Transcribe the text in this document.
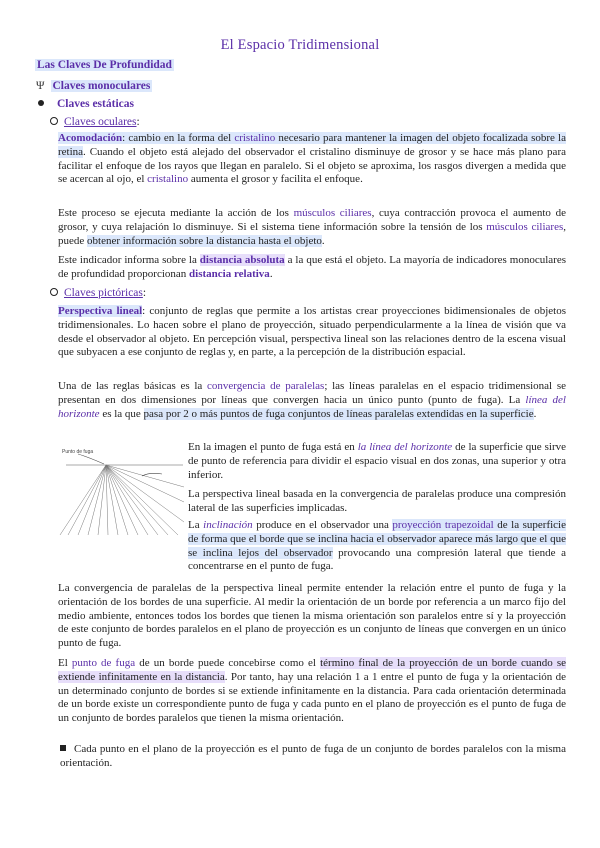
El Espacio Tridimensional
Las Claves De Profundidad
Ψ Claves monoculares
Claves estáticas
Claves oculares:
Acomodación: cambio en la forma del cristalino necesario para mantener la imagen del objeto focalizada sobre la retina. Cuando el objeto está alejado del observador el cristalino disminuye de grosor y se hace más plano para facilitar el enfoque de los rayos que llegan en paralelo. Si el objeto se aproxima, los rasgos divergen a medida que se acercan al ojo, el cristalino aumenta el grosor y facilita el enfoque.
Este proceso se ejecuta mediante la acción de los músculos ciliares, cuya contracción provoca el aumento de grosor, y cuya relajación lo disminuye. Si el sistema tiene información sobre la tensión de los músculos ciliares, puede obtener información sobre la distancia hasta el objeto.
Este indicador informa sobre la distancia absoluta a la que está el objeto. La mayoría de indicadores monoculares de profundidad proporcionan distancia relativa.
Claves pictóricas:
Perspectiva lineal: conjunto de reglas que permite a los artistas crear proyecciones bidimensionales de objetos tridimensionales. Lo hacen sobre el plano de proyección, situado perpendicularmente a la línea de visión que va desde el observador al objeto. En percepción visual, perspectiva lineal son las relaciones dentro de la escena visual que subyacen a ese conjunto de reglas y, en parte, a la percepción de la distribución espacial.
Una de las reglas básicas es la convergencia de paralelas; las líneas paralelas en el espacio tridimensional se presentan en dos dimensiones por líneas que convergen hacia un único punto (punto de fuga). La línea del horizonte es la que pasa por 2 o más puntos de fuga conjuntos de líneas paralelas extendidas en la superficie.
Punto de fuga	En la imagen el punto de fuga está en la línea del horizonte de la superficie que sirve de punto de referencia para dividir el espacio visual en dos zonas, una superior y otra inferior.
La perspectiva lineal basada en la convergencia de paralelas produce una compresión lateral de las superficies implicadas.
La inclinación produce en el observador una proyección trapezoidal de la superficie de forma que el borde que se inclina hacia el observador aparece más largo que el que se inclina lejos del observador provocando una compresión lateral que tiende a concentrarse en el punto de fuga.
La convergencia de paralelas de la perspectiva lineal permite entender la relación entre el punto de fuga y la orientación de los bordes de una superficie. Al medir la orientación de un borde por referencia a un marco fijo del medio ambiente, entonces todos los bordes que tienen la misma orientación son paralelos entre sí y la proyección de este conjunto de bordes paralelos en el plano de proyección es un conjunto de líneas que convergen en un único punto de fuga.
El punto de fuga de un borde puede concebirse como el término final de la proyección de un borde cuando se extiende infinitamente en la distancia. Por tanto, hay una relación 1 a 1 entre el punto de fuga y la orientación de un determinado conjunto de bordes si se extiende infinitamente en la distancia. Para cada orientación determinada de un borde existe un correspondiente punto de fuga y cada punto en el plano de proyección es el punto de fuga de un conjunto de bordes paralelos que tienen la misma orientación.
Cada punto en el plano de la proyección es el punto de fuga de un conjunto de bordes paralelos con la misma orientación.
